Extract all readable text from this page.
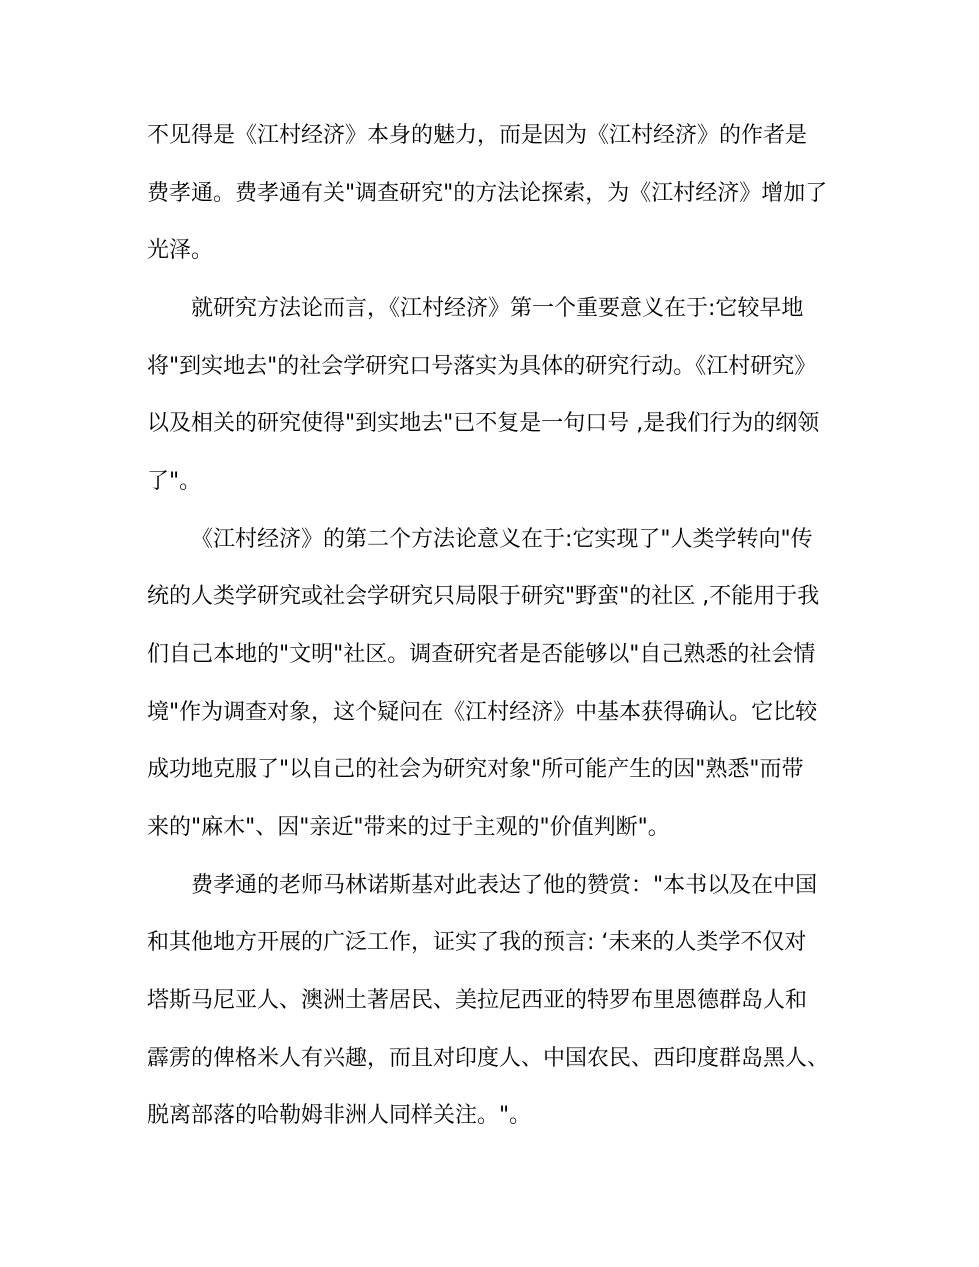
不见得是《江村经济》本身的魅力，而是因为《江村经济》的作者是
费孝通。费孝通有关"调查研究"的方法论探索，为《江村经济》增加了
光泽。
就研究方法论而言，《江村经济》第一个重要意义在于:它较早地
将"到实地去"的社会学研究口号落实为具体的研究行动。《江村研究》
以及相关的研究使得"到实地去"已不复是一句口号 ,是我们行为的纲领
了"。
《江村经济》的第二个方法论意义在于:它实现了"人类学转向"传
统的人类学研究或社会学研究只局限于研究"野蛮"的社区 ,不能用于我
们自己本地的"文明"社区。调查研究者是否能够以"自己熟悉的社会情
境"作为调查对象，这个疑问在《江村经济》中基本获得确认。它比较
成功地克服了"以自己的社会为研究对象"所可能产生的因"熟悉"而带
来的"麻木"、因"亲近"带来的过于主观的"价值判断"。
费孝通的老师马林诺斯基对此表达了他的赞赏："本书以及在中国
和其他地方开展的广泛工作，证实了我的预言: ‘未来的人类学不仅对
塔斯马尼亚人、澳洲土著居民、美拉尼西亚的特罗布里恩德群岛人和
霹雳的俾格米人有兴趣，而且对印度人、中国农民、西印度群岛黑人、
脱离部落的哈勒姆非洲人同样关注。"。
